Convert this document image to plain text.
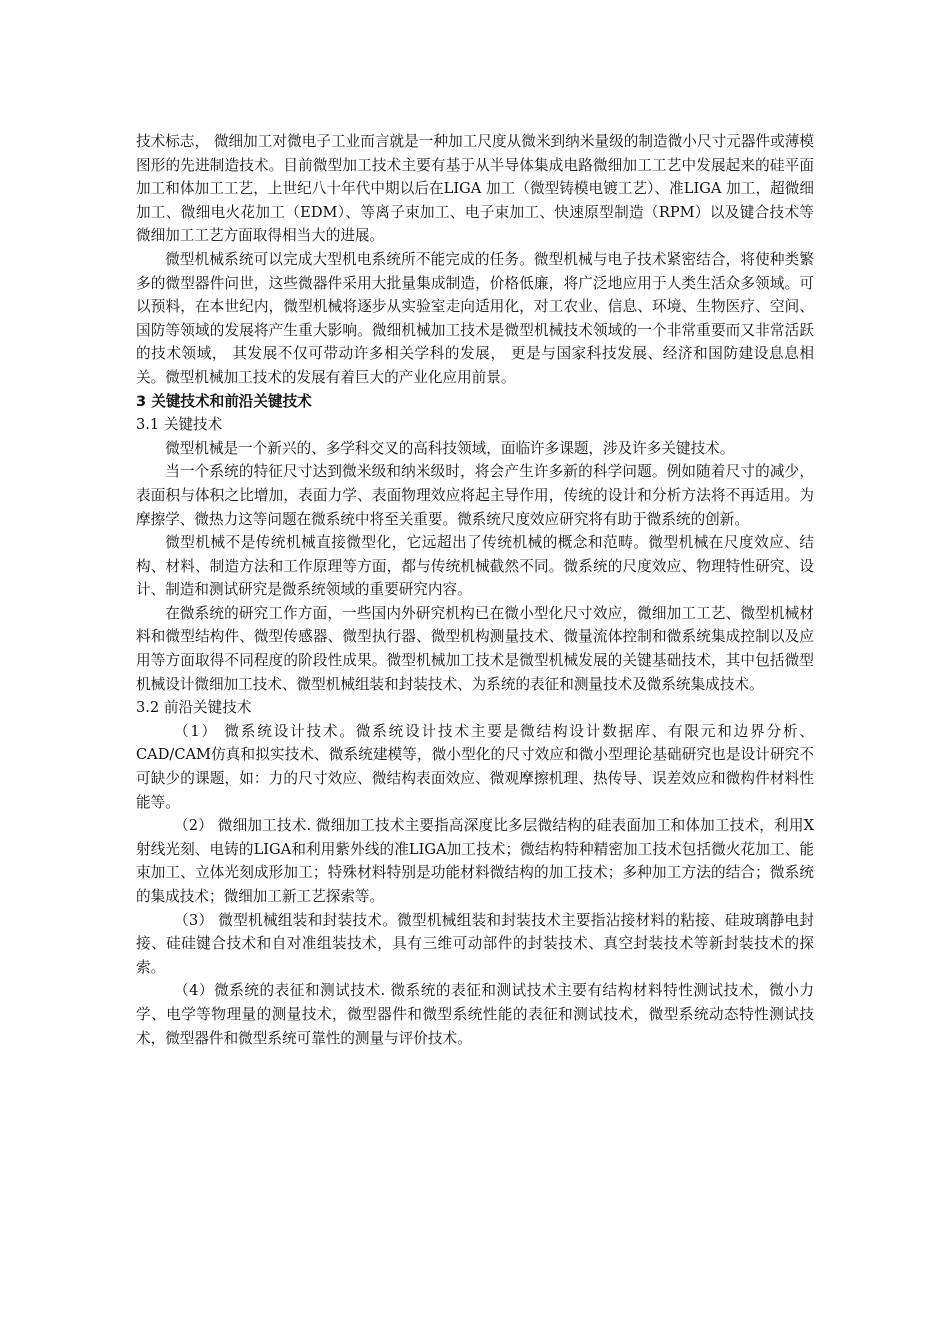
技术标志， 微细加工对微电子工业而言就是一种加工尺度从微米到纳米量级的制造微小尺寸元器件或薄模图形的先进制造技术。目前微型加工技术主要有基于从半导体集成电路微细加工工艺中发展起来的硅平面加工和体加工工艺，上世纪八十年代中期以后在LIGA 加工（微型铸模电镀工艺）、准LIGA 加工，超微细加工、微细电火花加工（EDM）、等离子束加工、电子束加工、快速原型制造（RPM）以及键合技术等微细加工工艺方面取得相当大的进展。

微型机械系统可以完成大型机电系统所不能完成的任务。微型机械与电子技术紧密结合，将使种类繁多的微型器件问世，这些微器件采用大批量集成制造，价格低廉，将广泛地应用于人类生活众多领域。可以预料，在本世纪内，微型机械将逐步从实验室走向适用化，对工农业、信息、环境、生物医疗、空间、国防等领域的发展将产生重大影响。微细机械加工技术是微型机械技术领域的一个非常重要而又非常活跃的技术领域， 其发展不仅可带动许多相关学科的发展， 更是与国家科技发展、经济和国防建设息息相关。微型机械加工技术的发展有着巨大的产业化应用前景。

3 关键技术和前沿关键技术

3.1 关键技术

微型机械是一个新兴的、多学科交叉的高科技领域，面临许多课题，涉及许多关键技术。

当一个系统的特征尺寸达到微米级和纳米级时，将会产生许多新的科学问题。例如随着尺寸的减少，表面积与体积之比增加，表面力学、表面物理效应将起主导作用，传统的设计和分析方法将不再适用。为摩擦学、微热力这等问题在微系统中将至关重要。微系统尺度效应研究将有助于微系统的创新。

微型机械不是传统机械直接微型化，它远超出了传统机械的概念和范畴。微型机械在尺度效应、结构、材料、制造方法和工作原理等方面，都与传统机械截然不同。微系统的尺度效应、物理特性研究、设计、制造和测试研究是微系统领域的重要研究内容。

在微系统的研究工作方面，一些国内外研究机构已在微小型化尺寸效应，微细加工工艺、微型机械材料和微型结构件、微型传感器、微型执行器、微型机构测量技术、微量流体控制和微系统集成控制以及应用等方面取得不同程度的阶段性成果。微型机械加工技术是微型机械发展的关键基础技术，其中包括微型机械设计微细加工技术、微型机械组装和封装技术、为系统的表征和测量技术及微系统集成技术。

3.2 前沿关键技术

（1） 微系统设计技术。微系统设计技术主要是微结构设计数据库、有限元和边界分析、CAD/CAM仿真和拟实技术、微系统建模等，微小型化的尺寸效应和微小型理论基础研究也是设计研究不可缺少的课题，如：力的尺寸效应、微结构表面效应、微观摩擦机理、热传导、误差效应和微构件材料性能等。

（2） 微细加工技术. 微细加工技术主要指高深度比多层微结构的硅表面加工和体加工技术，利用X射线光刻、电铸的LIGA和利用紫外线的准LIGA加工技术；微结构特种精密加工技术包括微火花加工、能束加工、立体光刻成形加工；特殊材料特别是功能材料微结构的加工技术；多种加工方法的结合；微系统的集成技术；微细加工新工艺探索等。

（3） 微型机械组装和封装技术。微型机械组装和封装技术主要指沾接材料的粘接、硅玻璃静电封接、硅硅键合技术和自对准组装技术，具有三维可动部件的封装技术、真空封装技术等新封装技术的探索。

（4）微系统的表征和测试技术. 微系统的表征和测试技术主要有结构材料特性测试技术，微小力学、电学等物理量的测量技术，微型器件和微型系统性能的表征和测试技术，微型系统动态特性测试技术，微型器件和微型系统可靠性的测量与评价技术。
